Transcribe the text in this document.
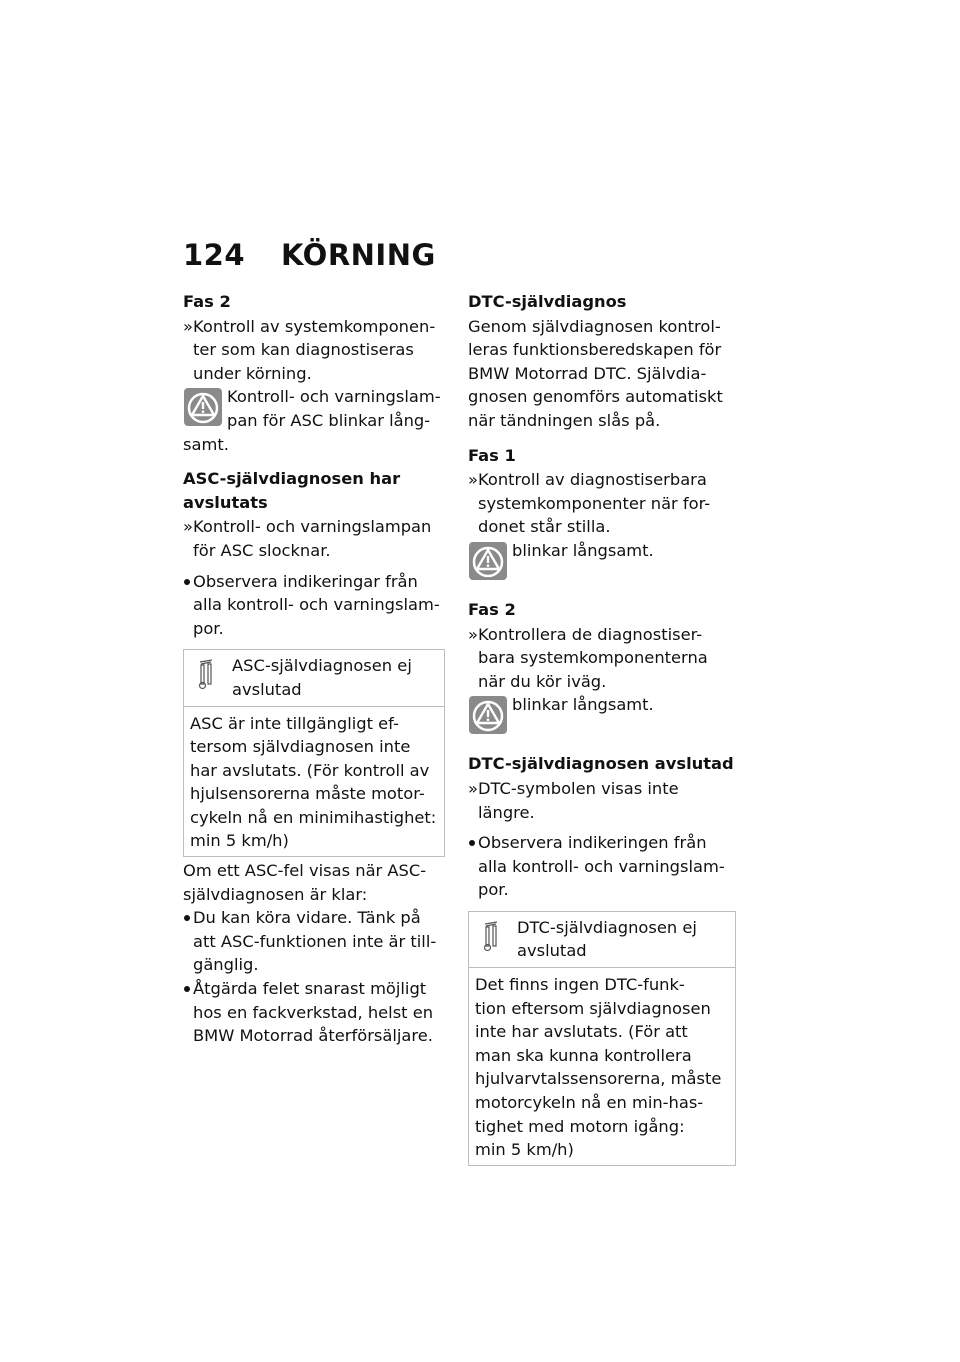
124 KÖRNING
Fas 2
» Kontroll av systemkomponen-
ter som kan diagnostiseras
under körning.
Kontroll- och varningslam-
pan för ASC blinkar lång-
samt.
ASC-självdiagnosen har
avslutats
» Kontroll- och varningslampan
för ASC slocknar.
Observera indikeringar från
alla kontroll- och varningslam-
por.
ASC-självdiagnosen ej
avslutad
ASC är inte tillgängligt ef-
tersom självdiagnosen inte
har avslutats. (För kontroll av
hjulsensorerna måste motor-
cykeln nå en minimihastighet:
min 5 km/h)
Om ett ASC-fel visas när ASC-
självdiagnosen är klar:
Du kan köra vidare. Tänk på
att ASC-funktionen inte är till-
gänglig.
Åtgärda felet snarast möjligt
hos en fackverkstad, helst en
BMW Motorrad återförsäljare.
DTC-självdiagnos
Genom självdiagnosen kontrol-
leras funktionsberedskapen för
BMW Motorrad DTC. Självdia-
gnosen genomförs automatiskt
när tändningen slås på.
Fas 1
» Kontroll av diagnostiserbara
systemkomponenter när for-
donet står stilla.
blinkar långsamt.
Fas 2
» Kontrollera de diagnostiser-
bara systemkomponenterna
när du kör iväg.
blinkar långsamt.
DTC-självdiagnosen avslutad
» DTC-symbolen visas inte
längre.
Observera indikeringen från
alla kontroll- och varningslam-
por.
DTC-självdiagnosen ej
avslutad
Det finns ingen DTC-funk-
tion eftersom självdiagnosen
inte har avslutats. (För att
man ska kunna kontrollera
hjulvarvtalssensorerna, måste
motorcykeln nå en min-has-
tighet med motorn igång:
min 5 km/h)
